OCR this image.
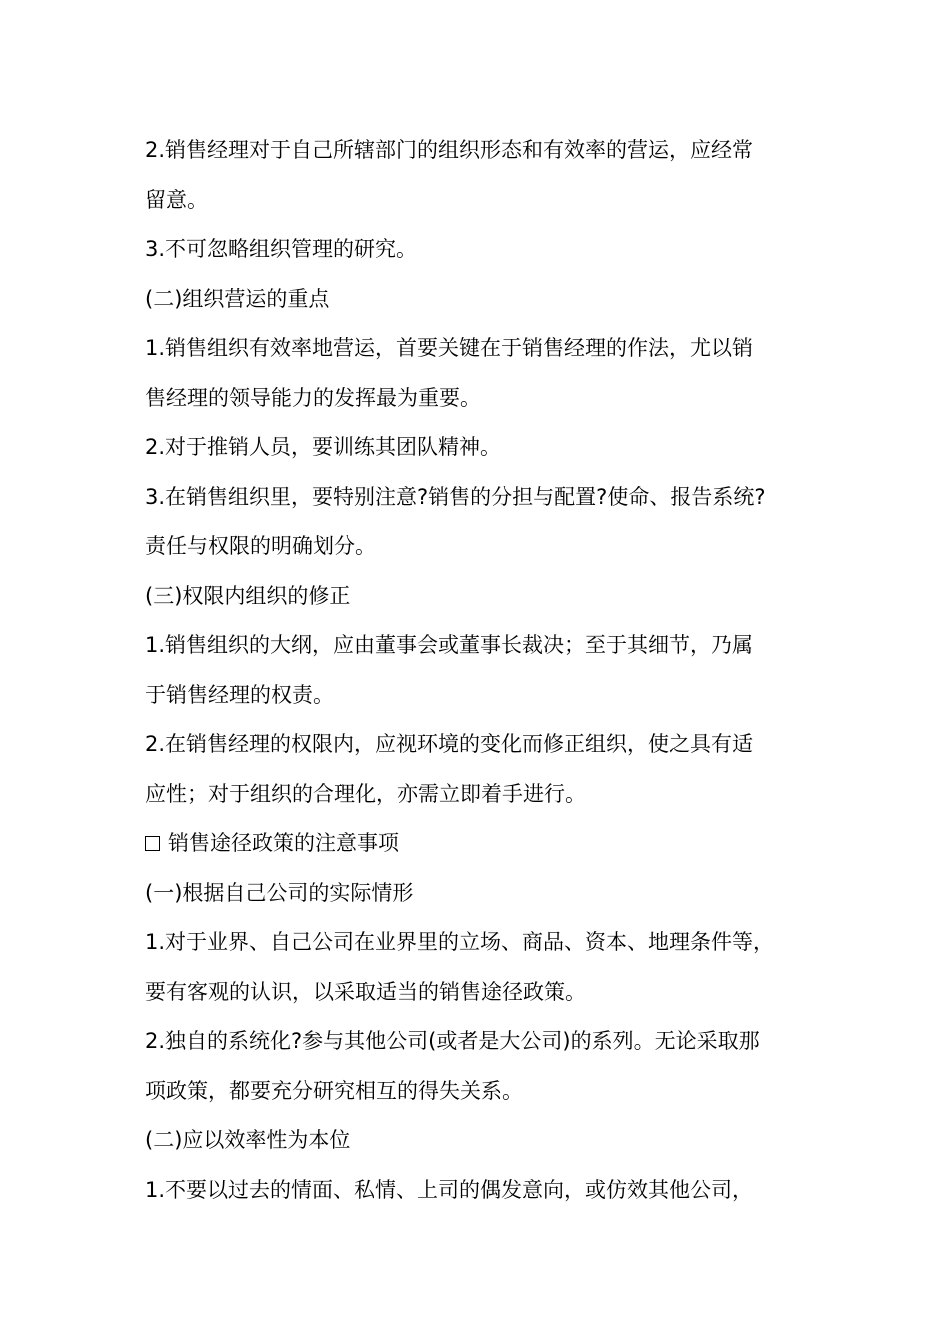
2.销售经理对于自己所辖部门的组织形态和有效率的营运，应经常
留意。
3.不可忽略组织管理的研究。
(二)组织营运的重点
1.销售组织有效率地营运，首要关键在于销售经理的作法，尤以销
售经理的领导能力的发挥最为重要。
2.对于推销人员，要训练其团队精神。
3.在销售组织里，要特别注意?销售的分担与配置?使命、报告系统?
责任与权限的明确划分。
(三)权限内组织的修正
1.销售组织的大纲，应由董事会或董事长裁决；至于其细节，乃属
于销售经理的权责。
2.在销售经理的权限内，应视环境的变化而修正组织，使之具有适
应性；对于组织的合理化，亦需立即着手进行。
销售途径政策的注意事项
(一)根据自己公司的实际情形
1.对于业界、自己公司在业界里的立场、商品、资本、地理条件等，
要有客观的认识，以采取适当的销售途径政策。
2.独自的系统化?参与其他公司(或者是大公司)的系列。无论采取那
项政策，都要充分研究相互的得失关系。
(二)应以效率性为本位
1.不要以过去的情面、私情、上司的偶发意向，或仿效其他公司，
